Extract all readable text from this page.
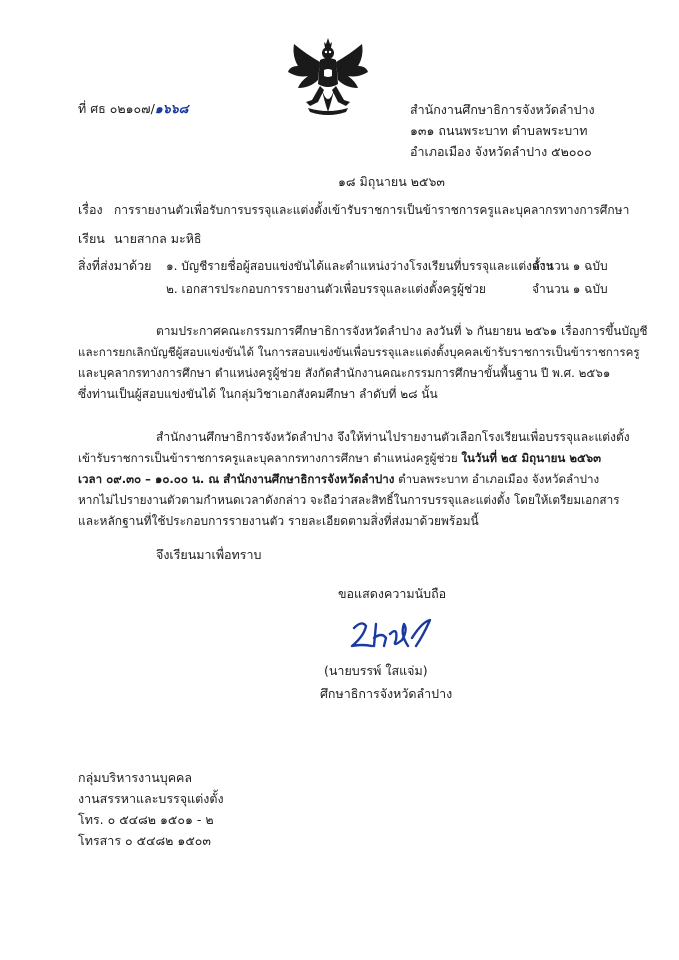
ที่ ศธ ๐๒๑๐๗/๑๖๖๘	สำนักงานศึกษาธิการจังหวัดลำปาง
๑๓๑ ถนนพระบาท ตำบลพระบาท
อำเภอเมือง จังหวัดลำปาง ๕๒๐๐๐
๑๘ มิถุนายน ๒๕๖๓
เรื่อง การรายงานตัวเพื่อรับการบรรจุและแต่งตั้งเข้ารับราชการเป็นข้าราชการครูและบุคลากรทางการศึกษา
เรียน นายสากล มะหิธิ
สิ่งที่ส่งมาด้วย ๑. บัญชีรายชื่อผู้สอบแข่งขันได้และตำแหน่งว่างโรงเรียนที่บรรจุและแต่งตั้งฯ
จำนวน ๑ ฉบับ
๒. เอกสารประกอบการรายงานตัวเพื่อบรรจุและแต่งตั้งครูผู้ช่วย	จำนวน ๑ ฉบับ
ตามประกาศคณะกรรมการศึกษาธิการจังหวัดลำปาง ลงวันที่ ๖ กันยายน ๒๕๖๑ เรื่องการขึ้นบัญชี
และการยกเลิกบัญชีผู้สอบแข่งขันได้ ในการสอบแข่งขันเพื่อบรรจุและแต่งตั้งบุคคลเข้ารับราชการเป็นข้าราชการครู
และบุคลากรทางการศึกษา ตำแหน่งครูผู้ช่วย สังกัดสำนักงานคณะกรรมการศึกษาขั้นพื้นฐาน ปี พ.ศ. ๒๕๖๑
ซึ่งท่านเป็นผู้สอบแข่งขันได้ ในกลุ่มวิชาเอกสังคมศึกษา ลำดับที่ ๒๘ นั้น
สำนักงานศึกษาธิการจังหวัดลำปาง จึงให้ท่านไปรายงานตัวเลือกโรงเรียนเพื่อบรรจุและแต่งตั้ง
เข้ารับราชการเป็นข้าราชการครูและบุคลากรทางการศึกษา ตำแหน่งครูผู้ช่วย ในวันที่ ๒๕ มิถุนายน ๒๕๖๓
เวลา ๐๙.๓๐ – ๑๐.๐๐ น. ณ สำนักงานศึกษาธิการจังหวัดลำปาง ตำบลพระบาท อำเภอเมือง จังหวัดลำปาง
หากไม่ไปรายงานตัวตามกำหนดเวลาดังกล่าว จะถือว่าสละสิทธิ์ในการบรรจุและแต่งตั้ง โดยให้เตรียมเอกสาร
และหลักฐานที่ใช้ประกอบการรายงานตัว รายละเอียดตามสิ่งที่ส่งมาด้วยพร้อมนี้
จึงเรียนมาเพื่อทราบ
ขอแสดงความนับถือ
(นายบรรพ์ ใสแจ่ม)
ศึกษาธิการจังหวัดลำปาง
กลุ่มบริหารงานบุคคล
งานสรรหาและบรรจุแต่งตั้ง
โทร. ๐ ๕๔๘๒ ๑๕๐๑ - ๒
โทรสาร ๐ ๕๔๘๒ ๑๕๐๓
